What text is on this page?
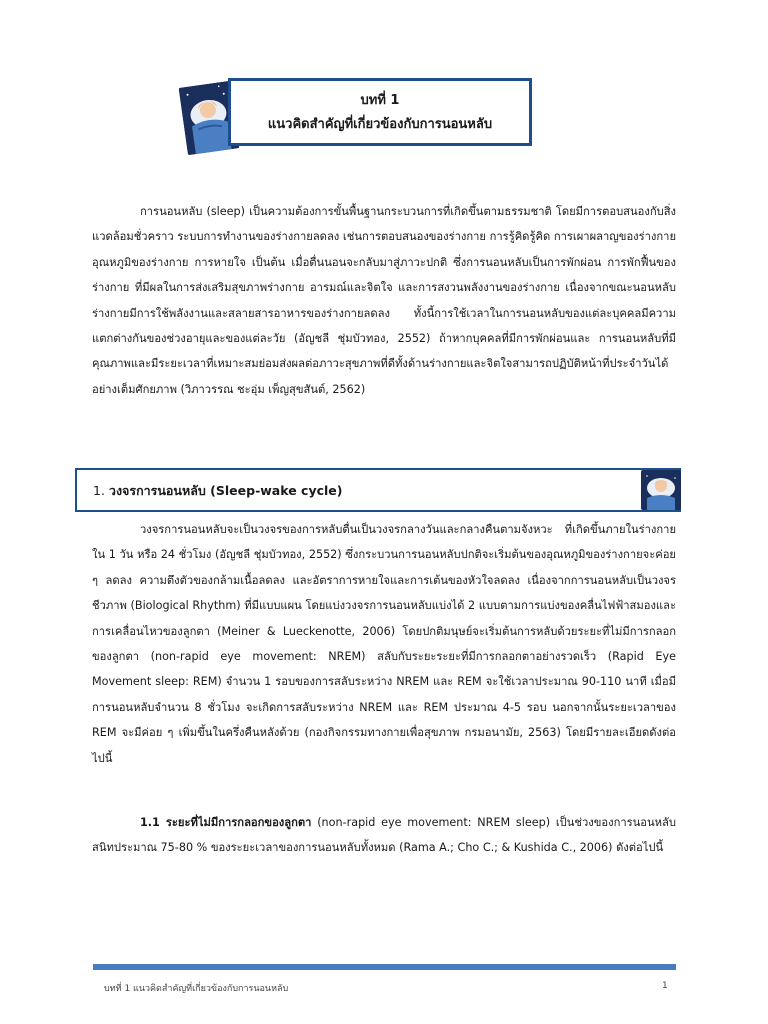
บทที่ 1
แนวคิดสำคัญที่เกี่ยวข้องกับการนอนหลับ

การนอนหลับ (sleep) เป็นความต้องการขั้นพื้นฐานกระบวนการที่เกิดขึ้นตามธรรมชาติ โดยมีการตอบสนองกับสิ่งแวดล้อมชั่วคราว ระบบการทำงานของร่างกายลดลง เช่นการตอบสนองของร่างกาย การรู้คิดรู้คิด การเผาผลาญของร่างกาย อุณหภูมิของร่างกาย การหายใจ เป็นต้น เมื่อตื่นนอนจะกลับมาสู่ภาวะปกติ ซึ่งการนอนหลับเป็นการพักผ่อน การพักฟื้นของร่างกาย ที่มีผลในการส่งเสริมสุขภาพร่างกาย อารมณ์และจิตใจ และการสงวนพลังงานของร่างกาย เนื่องจากขณะนอนหลับร่างกายมีการใช้พลังงานและสลายสารอาหารของร่างกายลดลง ทั้งนี้การใช้เวลาในการนอนหลับของแต่ละบุคคลมีความแตกต่างกันของช่วงอายุและของแต่ละวัย (อัญชลี ชุ่มบัวทอง, 2552) ถ้าหากบุคคลที่มีการพักผ่อนและ การนอนหลับที่มีคุณภาพและมีระยะเวลาที่เหมาะสมย่อมส่งผลต่อภาวะสุขภาพที่ดีทั้งด้านร่างกายและจิตใจสามารถปฏิบัติหน้าที่ประจำวันได้อย่างเต็มศักยภาพ (วิภาวรรณ ชะอุ่ม เพ็ญสุขสันต์, 2562)

1. วงจรการนอนหลับ (Sleep-wake cycle)

วงจรการนอนหลับจะเป็นวงจรของการหลับตื่นเป็นวงจรกลางวันและกลางคืนตามจังหวะ ที่เกิดขึ้นภายในร่างกายใน 1 วัน หรือ 24 ชั่วโมง (อัญชลี ชุ่มบัวทอง, 2552) ซึ่งกระบวนการนอนหลับปกติจะเริ่มต้นของอุณหภูมิของร่างกายจะค่อย ๆ ลดลง ความตึงตัวของกล้ามเนื้อลดลง และอัตราการหายใจและการเต้นของหัวใจลดลง เนื่องจากการนอนหลับเป็นวงจรชีวภาพ (Biological Rhythm) ที่มีแบบแผน โดยแบ่งวงจรการนอนหลับแบ่งได้ 2 แบบตามการแบ่งของคลื่นไฟฟ้าสมองและการเคลื่อนไหวของลูกตา (Meiner & Lueckenotte, 2006) โดยปกติมนุษย์จะเริ่มต้นการหลับด้วยระยะที่ไม่มีการกลอกของลูกตา (non-rapid eye movement: NREM) สลับกับระยะระยะที่มีการกลอกตาอย่างรวดเร็ว (Rapid Eye Movement sleep: REM) จำนวน 1 รอบของการสลับระหว่าง NREM และ REM จะใช้เวลาประมาณ 90-110 นาที เมื่อมีการนอนหลับจำนวน 8 ชั่วโมง จะเกิดการสลับระหว่าง NREM และ REM ประมาณ 4-5 รอบ นอกจากนั้นระยะเวลาของ REM จะมีค่อย ๆ เพิ่มขึ้นในครึ่งคืนหลังด้วย (กองกิจกรรมทางกายเพื่อสุขภาพ กรมอนามัย, 2563) โดยมีรายละเอียดดังต่อไปนี้

1.1 ระยะที่ไม่มีการกลอกของลูกตา (non-rapid eye movement: NREM sleep) เป็นช่วงของการนอนหลับสนิทประมาณ 75-80 % ของระยะเวลาของการนอนหลับทั้งหมด (Rama A.; Cho C.; & Kushida C., 2006) ดังต่อไปนี้

บทที่ 1 แนวคิดสำคัญที่เกี่ยวข้องกับการนอนหลับ	1
